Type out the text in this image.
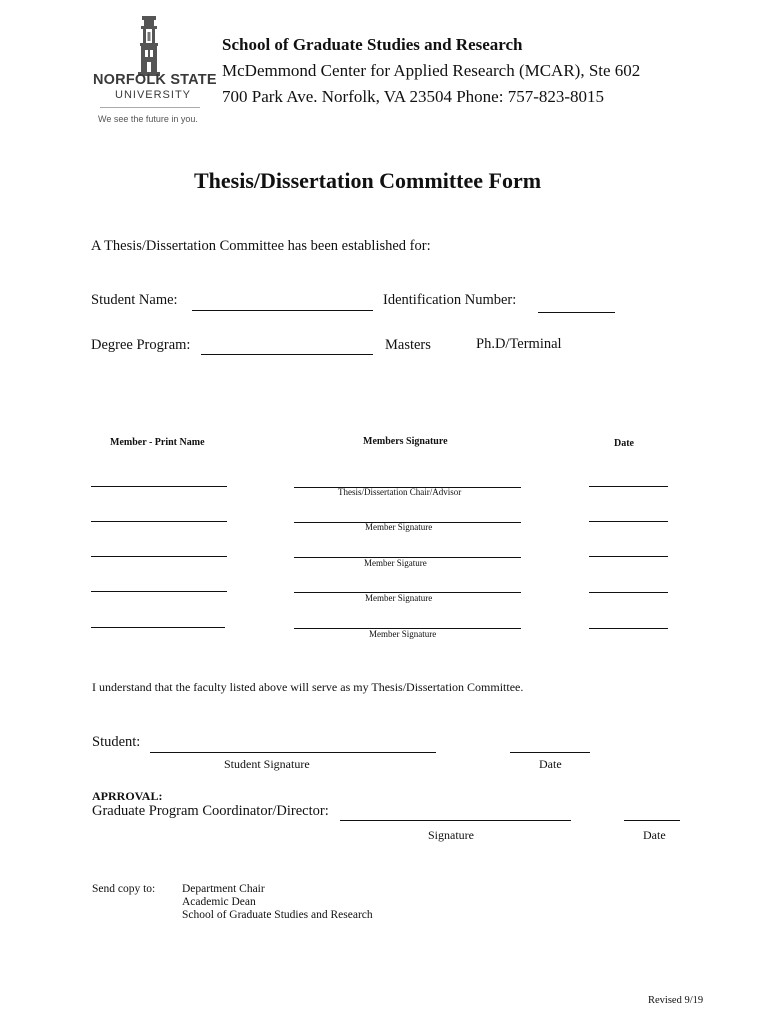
NORFOLK STATE
UNIVERSITY
We see the future in you.
School of Graduate Studies and Research
McDemmond Center for Applied Research (MCAR), Ste 602
700 Park Ave. Norfolk, VA 23504 Phone: 757-823-8015
Thesis/Dissertation Committee Form
A Thesis/Dissertation Committee has been established for:
Student Name:	Identification Number:
Degree Program:	Masters	Ph.D/Terminal
Member - Print Name	Members Signature	Date
Thesis/Dissertation Chair/Advisor
Member Signature
Member Sigature
Member Signature
Member Signature
I understand that the faculty listed above will serve as my Thesis/Dissertation Committee.
Student:
Student Signature	Date
APRROVAL:
Graduate Program Coordinator/Director:
Signature	Date
Send copy to: Department Chair
Academic Dean
School of Graduate Studies and Research
Revised 9/19
